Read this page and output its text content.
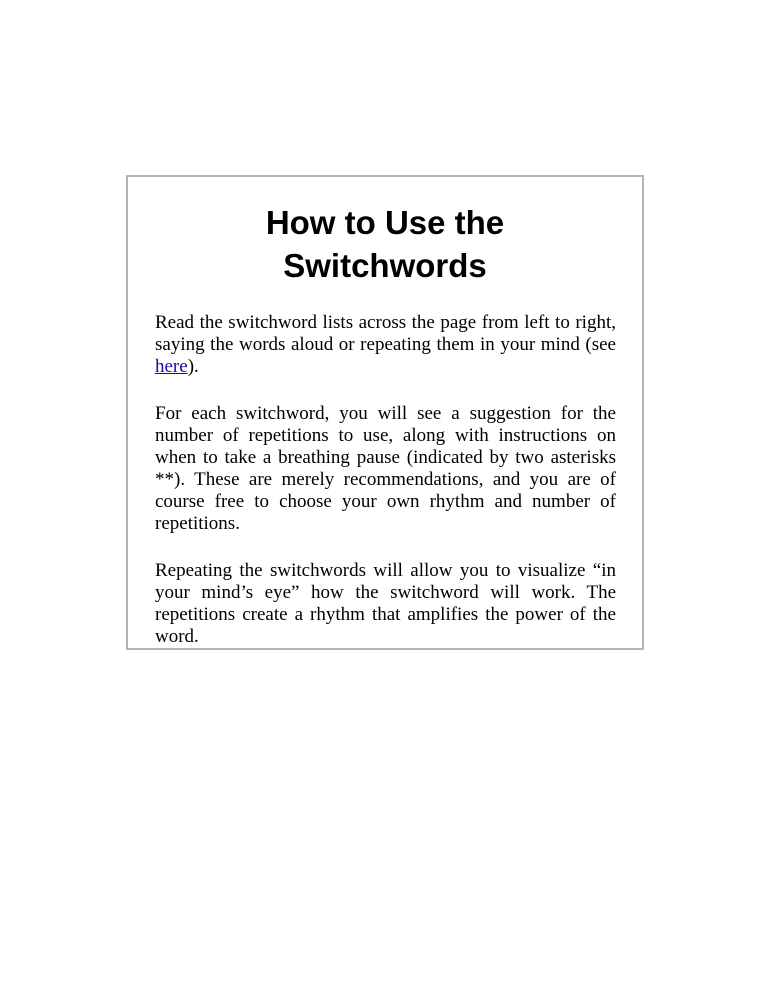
How to Use the
Switchwords

Read the switchword lists across the page from left to right, saying the words aloud or repeating them in your mind (see here).

For each switchword, you will see a suggestion for the number of repetitions to use, along with instructions on when to take a breathing pause (indicated by two asterisks **). These are merely recommendations, and you are of course free to choose your own rhythm and number of repetitions.

Repeating the switchwords will allow you to visualize “in your mind’s eye” how the switchword will work. The repetitions create a rhythm that amplifies the power of the word.
